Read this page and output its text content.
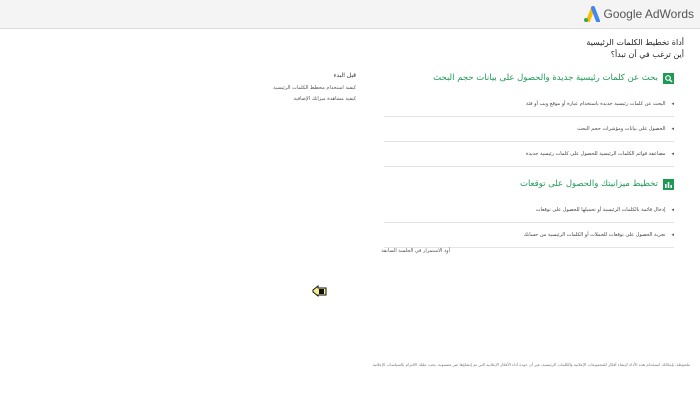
Google AdWords
أداة تخطيط الكلمات الرئيسية
أين ترغب في أن تبدأ؟
بحث عن كلمات رئيسية جديدة والحصول على بيانات حجم البحث
◂
البحث عن كلمات رئيسية جديدة باستخدام عبارة أو موقع ويب أو فئة
◂
الحصول على بيانات ومؤشرات حجم البحث
◂
مضاعفة قوائم الكلمات الرئيسية للحصول على كلمات رئيسية جديدة
تخطيط ميزانيتك والحصول على توقعات
◂
إدخال قائمة بالكلمات الرئيسية أو تحميلها للحصول على توقعات
◂
تجربة الحصول على توقعات للحملات أو الكلمات الرئيسية من حسابك
أود الاستمرار في الجلسة السابقة
قبل البدء
كيفية استخدام مخطط الكلمات الرئيسية
كيفية مشاهدة ميزاتك الإضافية
ملحوظة: بإمكانك استخدام هذه الأداة لإنشاء أفكار للمجموعات الإعلانية والكلمات الرئيسية، غير أن جودة أداء الأفكار الإعلانية التي تم إنشاؤها غير مضمونة. يجب عليك الالتزام بالسياسات الإعلانية
